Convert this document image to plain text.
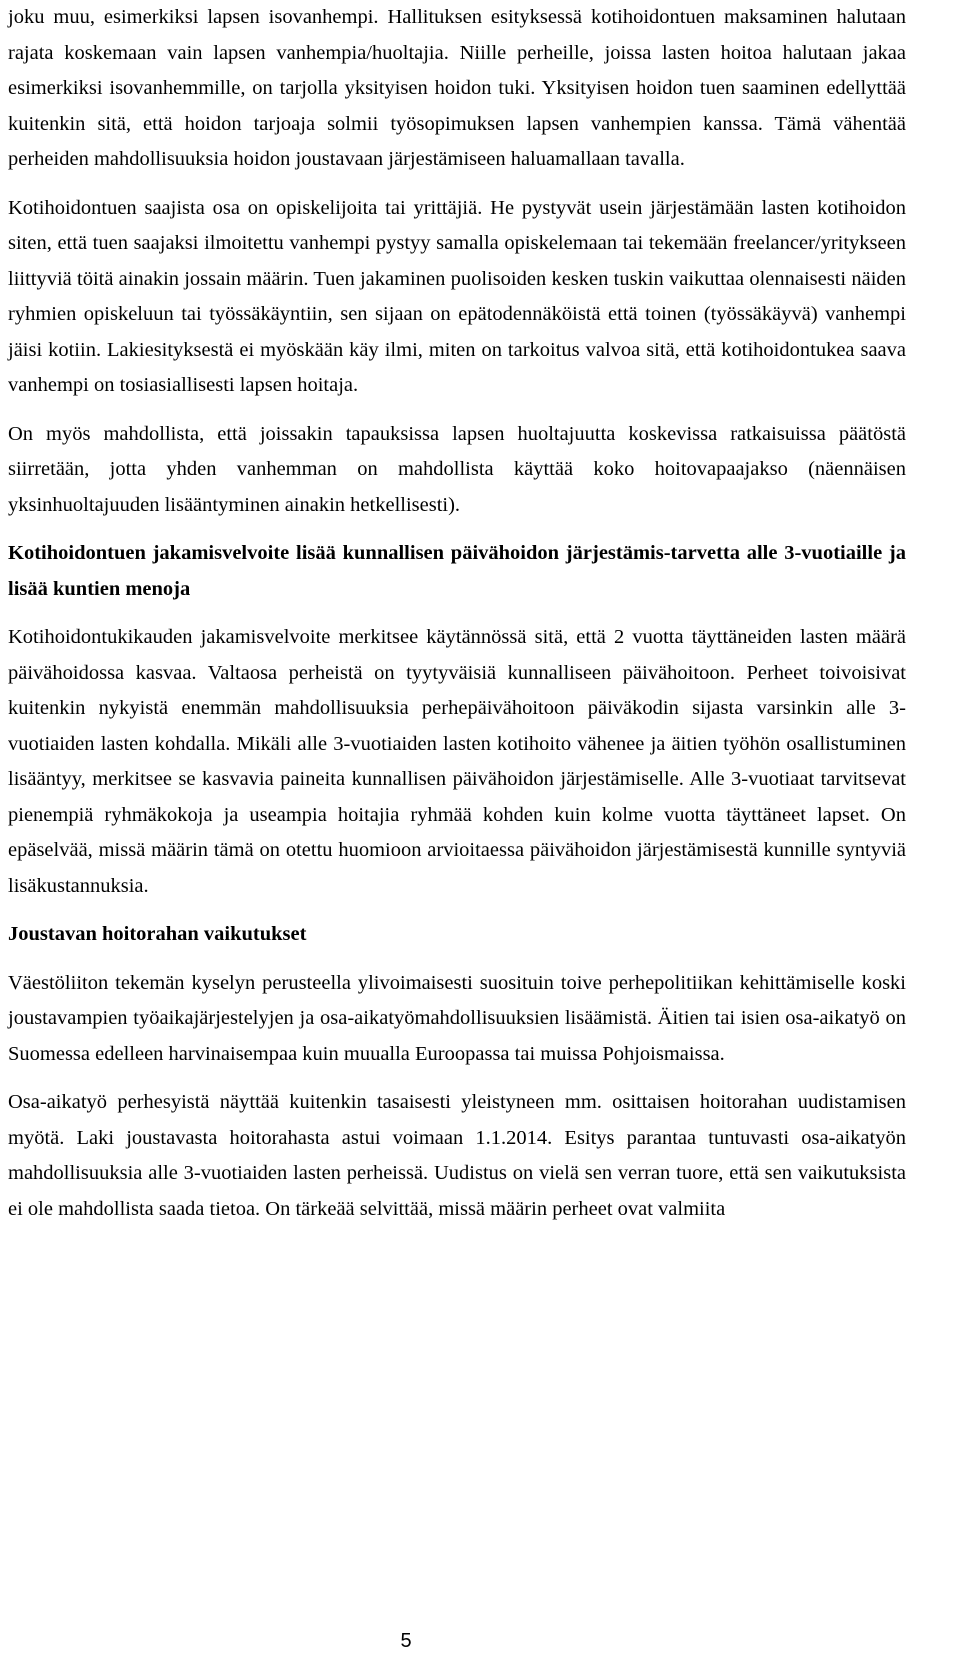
joku muu, esimerkiksi lapsen isovanhempi. Hallituksen esityksessä kotihoidontuen maksaminen halutaan rajata koskemaan vain lapsen vanhempia/huoltajia. Niille perheille, joissa lasten hoitoa halutaan jakaa esimerkiksi isovanhemmille, on tarjolla yksityisen hoidon tuki. Yksityisen hoidon tuen saaminen edellyttää kuitenkin sitä, että hoidon tarjoaja solmii työsopimuksen lapsen vanhempien kanssa. Tämä vähentää perheiden mahdollisuuksia hoidon joustavaan järjestämiseen haluamallaan tavalla.

Kotihoidontuen saajista osa on opiskelijoita tai yrittäjiä. He pystyvät usein järjestämään lasten kotihoidon siten, että tuen saajaksi ilmoitettu vanhempi pystyy samalla opiskelemaan tai tekemään freelancer/yritykseen liittyviä töitä ainakin jossain määrin. Tuen jakaminen puolisoiden kesken tuskin vaikuttaa olennaisesti näiden ryhmien opiskeluun tai työssäkäyntiin, sen sijaan on epätodennäköistä että toinen (työssäkäyvä) vanhempi jäisi kotiin. Lakiesityksestä ei myöskään käy ilmi, miten on tarkoitus valvoa sitä, että kotihoidontukea saava vanhempi on tosiasiallisesti lapsen hoitaja.

On myös mahdollista, että joissakin tapauksissa lapsen huoltajuutta koskevissa ratkaisuissa päätöstä siirretään, jotta yhden vanhemman on mahdollista käyttää koko hoitovapaajakso (näennäisen yksinhuoltajuuden lisääntyminen ainakin hetkellisesti).

Kotihoidontuen jakamisvelvoite lisää kunnallisen päivähoidon järjestämis-tarvetta alle 3-vuotiaille ja lisää kuntien menoja

Kotihoidontukikauden jakamisvelvoite merkitsee käytännössä sitä, että 2 vuotta täyttäneiden lasten määrä päivähoidossa kasvaa. Valtaosa perheistä on tyytyväisiä kunnalliseen päivähoitoon. Perheet toivoisivat kuitenkin nykyistä enemmän mahdollisuuksia perhepäivähoitoon päiväkodin sijasta varsinkin alle 3-vuotiaiden lasten kohdalla. Mikäli alle 3-vuotiaiden lasten kotihoito vähenee ja äitien työhön osallistuminen lisääntyy, merkitsee se kasvavia paineita kunnallisen päivähoidon järjestämiselle. Alle 3-vuotiaat tarvitsevat pienempiä ryhmäkokoja ja useampia hoitajia ryhmää kohden kuin kolme vuotta täyttäneet lapset. On epäselvää, missä määrin tämä on otettu huomioon arvioitaessa päivähoidon järjestämisestä kunnille syntyviä lisäkustannuksia.

Joustavan hoitorahan vaikutukset

Väestöliiton tekemän kyselyn perusteella ylivoimaisesti suosituin toive perhepolitiikan kehittämiselle koski joustavampien työaikajärjestelyjen ja osa-aikatyömahdollisuuksien lisäämistä. Äitien tai isien osa-aikatyö on Suomessa edelleen harvinaisempaa kuin muualla Euroopassa tai muissa Pohjoismaissa.

Osa-aikatyö perhesyistä näyttää kuitenkin tasaisesti yleistyneen mm. osittaisen hoitorahan uudistamisen myötä. Laki joustavasta hoitorahasta astui voimaan 1.1.2014. Esitys parantaa tuntuvasti osa-aikatyön mahdollisuuksia alle 3-vuotiaiden lasten perheissä. Uudistus on vielä sen verran tuore, että sen vaikutuksista ei ole mahdollista saada tietoa. On tärkeää selvittää, missä määrin perheet ovat valmiita

5
